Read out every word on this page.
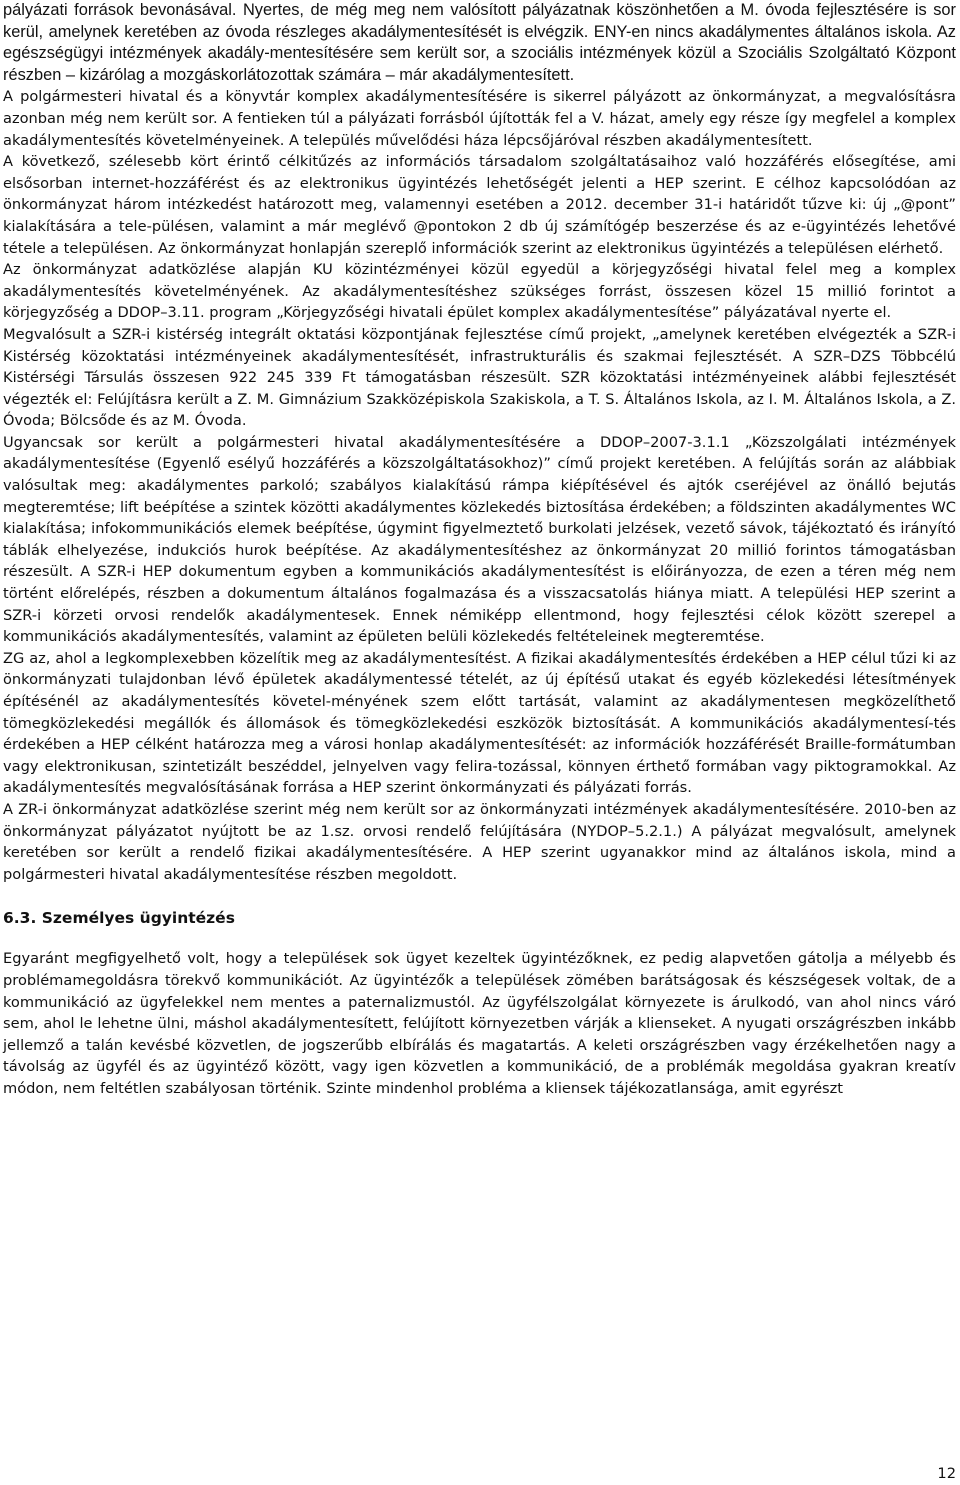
pályázati források bevonásával. Nyertes, de még meg nem valósított pályázatnak köszönhetően a M. óvoda fejlesztésére is sor kerül, amelynek keretében az óvoda részleges akadálymentesítését is elvégzik. ENY-en nincs akadálymentes általános iskola. Az egészségügyi intézmények akadály-mentesítésére sem került sor, a szociális intézmények közül a Szociális Szolgáltató Központ részben – kizárólag a mozgáskorlátozottak számára – már akadálymentesített.

A polgármesteri hivatal és a könyvtár komplex akadálymentesítésére is sikerrel pályázott az önkormányzat, a megvalósításra azonban még nem került sor. A fentieken túl a pályázati forrásból újították fel a V. házat, amely egy része így megfelel a komplex akadálymentesítés követelményeinek. A település művelődési háza lépcsőjáróval részben akadálymentesített.

A következő, szélesebb kört érintő célkitűzés az információs társadalom szolgáltatásaihoz való hozzáférés elősegítése, ami elsősorban internet-hozzáférést és az elektronikus ügyintézés lehetőségét jelenti a HEP szerint. E célhoz kapcsolódóan az önkormányzat három intézkedést határozott meg, valamennyi esetében a 2012. december 31-i határidőt tűzve ki: új „@pont” kialakítására a tele-pülésen, valamint a már meglévő @pontokon 2 db új számítógép beszerzése és az e-ügyintézés lehetővé tétele a településen. Az önkormányzat honlapján szereplő információk szerint az elektronikus ügyintézés a településen elérhető.

Az önkormányzat adatközlése alapján KU közintézményei közül egyedül a körjegyzőségi hivatal felel meg a komplex akadálymentesítés követelményének. Az akadálymentesítéshez szükséges forrást, összesen közel 15 millió forintot a körjegyzőség a DDOP–3.11. program „Körjegyzőségi hivatali épület komplex akadálymentesítése” pályázatával nyerte el.

Megvalósult a SZR-i kistérség integrált oktatási központjának fejlesztése című projekt, „amelynek keretében elvégezték a SZR-i Kistérség közoktatási intézményeinek akadálymentesítését, infrastrukturális és szakmai fejlesztését. A SZR–DZS Többcélú Kistérségi Társulás összesen 922 245 339 Ft támogatásban részesült. SZR közoktatási intézményeinek alábbi fejlesztését végezték el: Felújításra került a Z. M. Gimnázium Szakközépiskola Szakiskola, a T. S. Általános Iskola, az I. M. Általános Iskola, a Z. Óvoda; Bölcsőde és az M. Óvoda.

Ugyancsak sor került a polgármesteri hivatal akadálymentesítésére a DDOP–2007-3.1.1 „Közszolgálati intézmények akadálymentesítése (Egyenlő esélyű hozzáférés a közszolgáltatásokhoz)” című projekt keretében. A felújítás során az alábbiak valósultak meg: akadálymentes parkoló; szabályos kialakítású rámpa kiépítésével és ajtók cseréjével az önálló bejutás megteremtése; lift beépítése a szintek közötti akadálymentes közlekedés biztosítása érdekében; a földszinten akadálymentes WC kialakítása; infokommunikációs elemek beépítése, úgymint figyelmeztető burkolati jelzések, vezető sávok, tájékoztató és irányító táblák elhelyezése, indukciós hurok beépítése. Az akadálymentesítéshez az önkormányzat 20 millió forintos támogatásban részesült. A SZR-i HEP dokumentum egyben a kommunikációs akadálymentesítést is előirányozza, de ezen a téren még nem történt előrelépés, részben a dokumentum általános fogalmazása és a visszacsatolás hiánya miatt. A települési HEP szerint a SZR-i körzeti orvosi rendelők akadálymentesek. Ennek némiképp ellentmond, hogy fejlesztési célok között szerepel a kommunikációs akadálymentesítés, valamint az épületen belüli közlekedés feltételeinek megteremtése.

ZG az, ahol a legkomplexebben közelítik meg az akadálymentesítést. A fizikai akadálymentesítés érdekében a HEP célul tűzi ki az önkormányzati tulajdonban lévő épületek akadálymentessé tételét, az új építésű utakat és egyéb közlekedési létesítmények építésénél az akadálymentesítés követel-ményének szem előtt tartását, valamint az akadálymentesen megközelíthető tömegközlekedési megállók és állomások és tömegközlekedési eszközök biztosítását. A kommunikációs akadálymentesí-tés érdekében a HEP célként határozza meg a városi honlap akadálymentesítését: az információk hozzáférését Braille-formátumban vagy elektronikusan, szintetizált beszéddel, jelnyelven vagy felira-tozással, könnyen érthető formában vagy piktogramokkal. Az akadálymentesítés megvalósításának forrása a HEP szerint önkormányzati és pályázati forrás.

A ZR-i önkormányzat adatközlése szerint még nem került sor az önkormányzati intézmények akadálymentesítésére. 2010-ben az önkormányzat pályázatot nyújtott be az 1.sz. orvosi rendelő felújítására (NYDOP–5.2.1.) A pályázat megvalósult, amelynek keretében sor került a rendelő fizikai akadálymentesítésére. A HEP szerint ugyanakkor mind az általános iskola, mind a polgármesteri hivatal akadálymentesítése részben megoldott.

6.3. Személyes ügyintézés

Egyaránt megfigyelhető volt, hogy a települések sok ügyet kezeltek ügyintézőknek, ez pedig alapvetően gátolja a mélyebb és problémamegoldásra törekvő kommunikációt. Az ügyintézők a települések zömében barátságosak és készségesek voltak, de a kommunikáció az ügyfelekkel nem mentes a paternalizmustól. Az ügyfélszolgálat környezete is árulkodó, van ahol nincs váró sem, ahol le lehetne ülni, máshol akadálymentesített, felújított környezetben várják a klienseket. A nyugati országrészben inkább jellemző a talán kevésbé közvetlen, de jogszerűbb elbírálás és magatartás. A keleti országrészben vagy érzékelhetően nagy a távolság az ügyfél és az ügyintéző között, vagy igen közvetlen a kommunikáció, de a problémák megoldása gyakran kreatív módon, nem feltétlen szabályosan történik. Szinte mindenhol probléma a kliensek tájékozatlansága, amit egyrészt

12
